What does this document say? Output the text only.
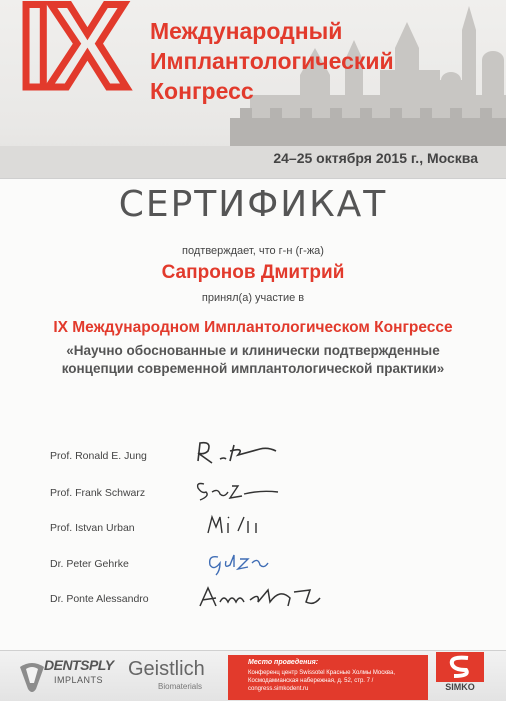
IX Международный
Имплантологический
Конгресс
24–25 октября 2015 г., Москва
СЕРТИФИКАТ
подтверждает, что г-н (г-жа)
Сапронов Дмитрий
принял(а) участие в
IX Международном Имплантологическом Конгрессе
«Научно обоснованные и клинически подтвержденные
концепции современной имплантологической практики»
Prof. Ronald E. Jung
Prof. Frank Schwarz
Prof. Istvan Urban
Dr. Peter Gehrke
Dr. Ponte Alessandro
DENTSPLY
IMPLANTS Geistlich
Biomaterials
Место проведения:
Конференц центр Swissotel Красные Холмы Москва, Космодамианская набережная, д. 52, стр. 7 / congress.simkodent.ru	SIMKO
